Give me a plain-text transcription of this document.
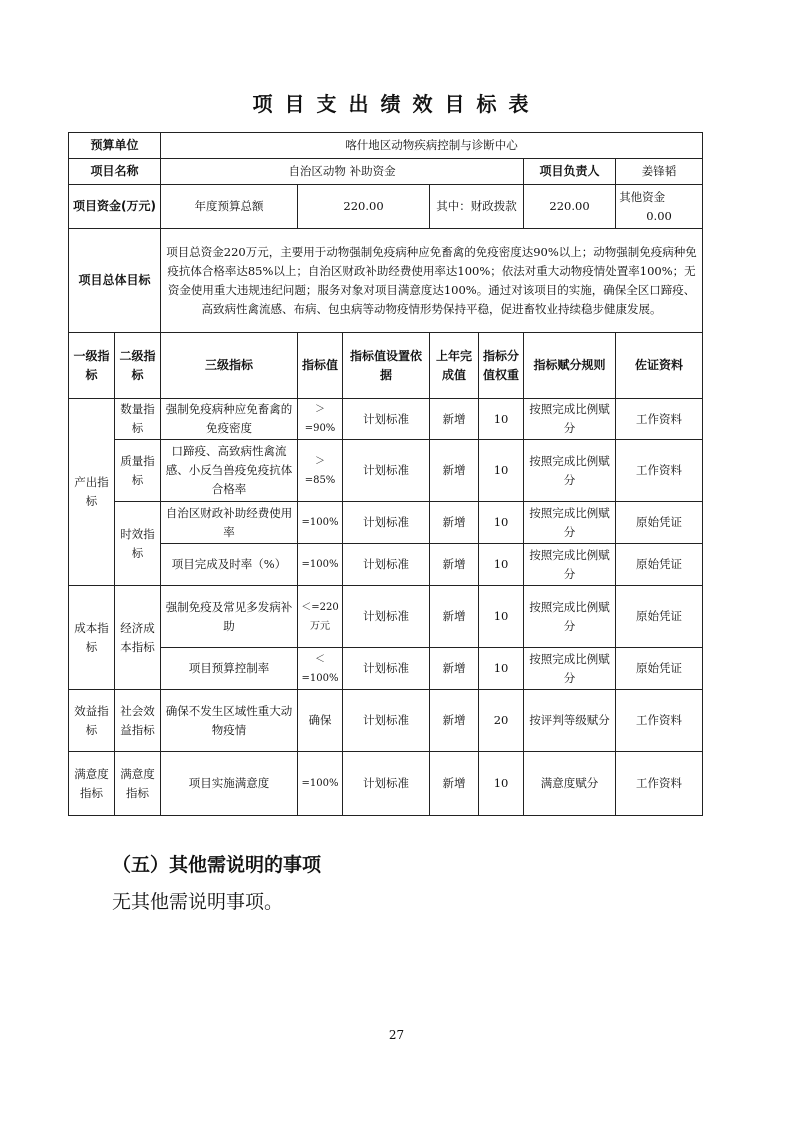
项目支出绩效目标表
预算单位		喀什地区动物疾病控制与诊断中心						
项目名称		自治区动物 补助资金					项目负责人	姜锋韬
项目资金(万元)		年度预算总额	220.00		其中：财政拨款		220.00	其他资金  0.00
项目总体目标		项目总资金220万元，主要用于动物强制免疫病种应免畜禽的免疫密度达90%以上；动物强制免疫病种免疫抗体合格率达85%以上；自治区财政补助经费使用率达100%；依法对重大动物疫情处置率100%；无资金使用重大违规违纪问题；服务对象对项目满意度达100%。通过对该项目的实施，确保全区口蹄疫、高致病性禽流感、布病、包虫病等动物疫情形势保持平稳，促进畜牧业持续稳步健康发展。						
一级指标	二级指标	三级指标	指标值	指标值设置依据	上年完成值	指标分值权重	指标赋分规则	佐证资料
产出指标	数量指标	强制免疫病种应免畜禽的免疫密度	＞=90%	计划标准	新增	10	按照完成比例赋分	工作资料
	质量指标	口蹄疫、高致病性禽流感、小反刍兽疫免疫抗体合格率	＞=85%	计划标准	新增	10	按照完成比例赋分	工作资料
	时效指标	自治区财政补助经费使用率	=100%	计划标准	新增	10	按照完成比例赋分	原始凭证
		项目完成及时率（%）	=100%	计划标准	新增	10	按照完成比例赋分	原始凭证
成本指标	经济成本指标	强制免疫及常见多发病补助	＜=220万元	计划标准	新增	10	按照完成比例赋分	原始凭证
		项目预算控制率	＜=100%	计划标准	新增	10	按照完成比例赋分	原始凭证
效益指标	社会效益指标	确保不发生区域性重大动物疫情	确保	计划标准	新增	20	按评判等级赋分	工作资料
满意度指标	满意度指标	项目实施满意度	=100%	计划标准	新增	10	满意度赋分	工作资料
（五）其他需说明的事项
无其他需说明事项。
27
